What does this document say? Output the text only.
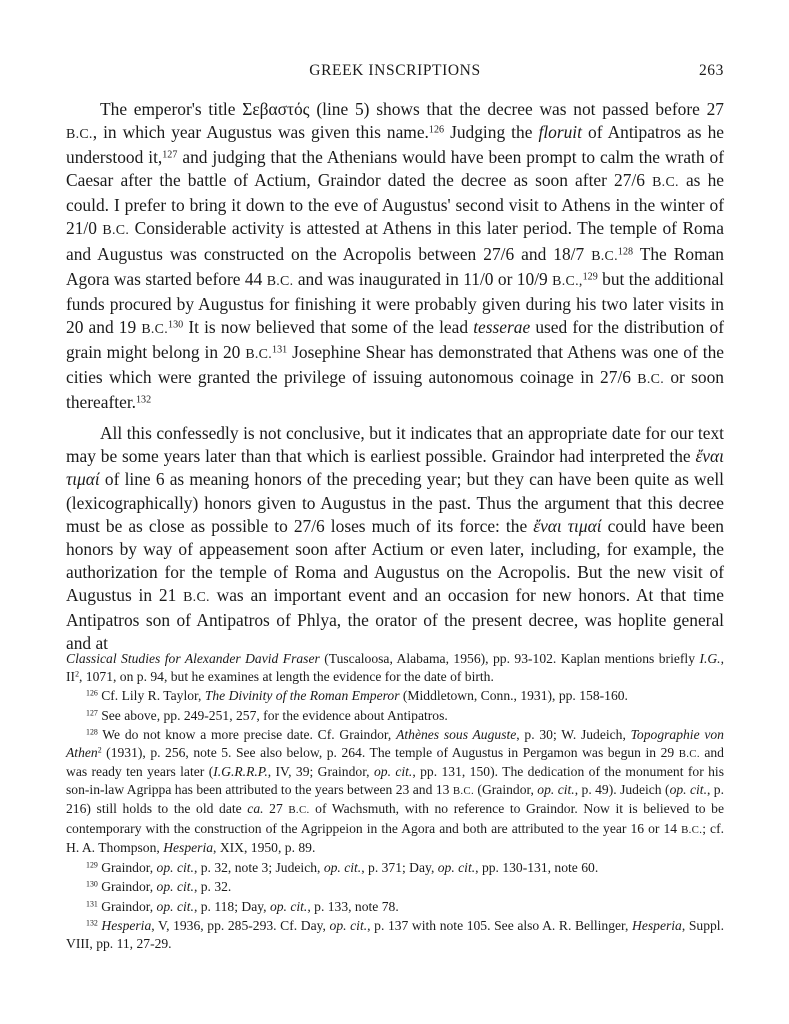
GREEK INSCRIPTIONS	263

The emperor's title Σεβαστός (line 5) shows that the decree was not passed before 27 B.C., in which year Augustus was given this name.$^{126}$ Judging the floruit of Antipatros as he understood it,$^{127}$ and judging that the Athenians would have been prompt to calm the wrath of Caesar after the battle of Actium, Graindor dated the decree as soon after 27/6 B.C. as he could. I prefer to bring it down to the eve of Augustus' second visit to Athens in the winter of 21/0 B.C. Considerable activity is attested at Athens in this later period. The temple of Roma and Augustus was constructed on the Acropolis between 27/6 and 18/7 B.C.$^{128}$ The Roman Agora was started before 44 B.C. and was inaugurated in 11/0 or 10/9 B.C.,$^{129}$ but the additional funds procured by Augustus for finishing it were probably given during his two later visits in 20 and 19 B.C.$^{130}$ It is now believed that some of the lead tesserae used for the distribution of grain might belong in 20 B.C.$^{131}$ Josephine Shear has demonstrated that Athens was one of the cities which were granted the privilege of issuing autonomous coinage in 27/6 B.C. or soon thereafter.$^{132}$

All this confessedly is not conclusive, but it indicates that an appropriate date for our text may be some years later than that which is earliest possible. Graindor had interpreted the ἔναι τιμαί of line 6 as meaning honors of the preceding year; but they can have been quite as well (lexicographically) honors given to Augustus in the past. Thus the argument that this decree must be as close as possible to 27/6 loses much of its force: the ἔναι τιμαί could have been honors by way of appeasement soon after Actium or even later, including, for example, the authorization for the temple of Roma and Augustus on the Acropolis. But the new visit of Augustus in 21 B.C. was an important event and an occasion for new honors. At that time Antipatros son of Antipatros of Phlya, the orator of the present decree, was hoplite general and at

Classical Studies for Alexander David Fraser (Tuscaloosa, Alabama, 1956), pp. 93-102. Kaplan mentions briefly I.G., $II^2$, 1071, on p. 94, but he examines at length the evidence for the date of birth.

$^{126}$ Cf. Lily R. Taylor, The Divinity of the Roman Emperor (Middletown, Conn., 1931), pp. 158-160.

$^{127}$ See above, pp. 249-251, 257, for the evidence about Antipatros.

$^{128}$ We do not know a more precise date. Cf. Graindor, Athènes sous Auguste, p. 30; W. Judeich, Topographie von Athen$^2$ (1931), p. 256, note 5. See also below, p. 264. The temple of Augustus in Pergamon was begun in 29 B.C. and was ready ten years later (I.G.R.R.P., IV, 39; Graindor, op. cit., pp. 131, 150). The dedication of the monument for his son-in-law Agrippa has been attributed to the years between 23 and 13 B.C. (Graindor, op. cit., p. 49). Judeich (op. cit., p. 216) still holds to the old date ca. 27 B.C. of Wachsmuth, with no reference to Graindor. Now it is believed to be contemporary with the construction of the Agrippeion in the Agora and both are attributed to the year 16 or 14 B.C.; cf. H. A. Thompson, Hesperia, XIX, 1950, p. 89.

$^{129}$ Graindor, op. cit., p. 32, note 3; Judeich, op. cit., p. 371; Day, op. cit., pp. 130-131, note 60.

$^{130}$ Graindor, op. cit., p. 32.

$^{131}$ Graindor, op. cit., p. 118; Day, op. cit., p. 133, note 78.

$^{132}$ Hesperia, V, 1936, pp. 285-293. Cf. Day, op. cit., p. 137 with note 105. See also A. R. Bellinger, Hesperia, Suppl. VIII, pp. 11, 27-29.
